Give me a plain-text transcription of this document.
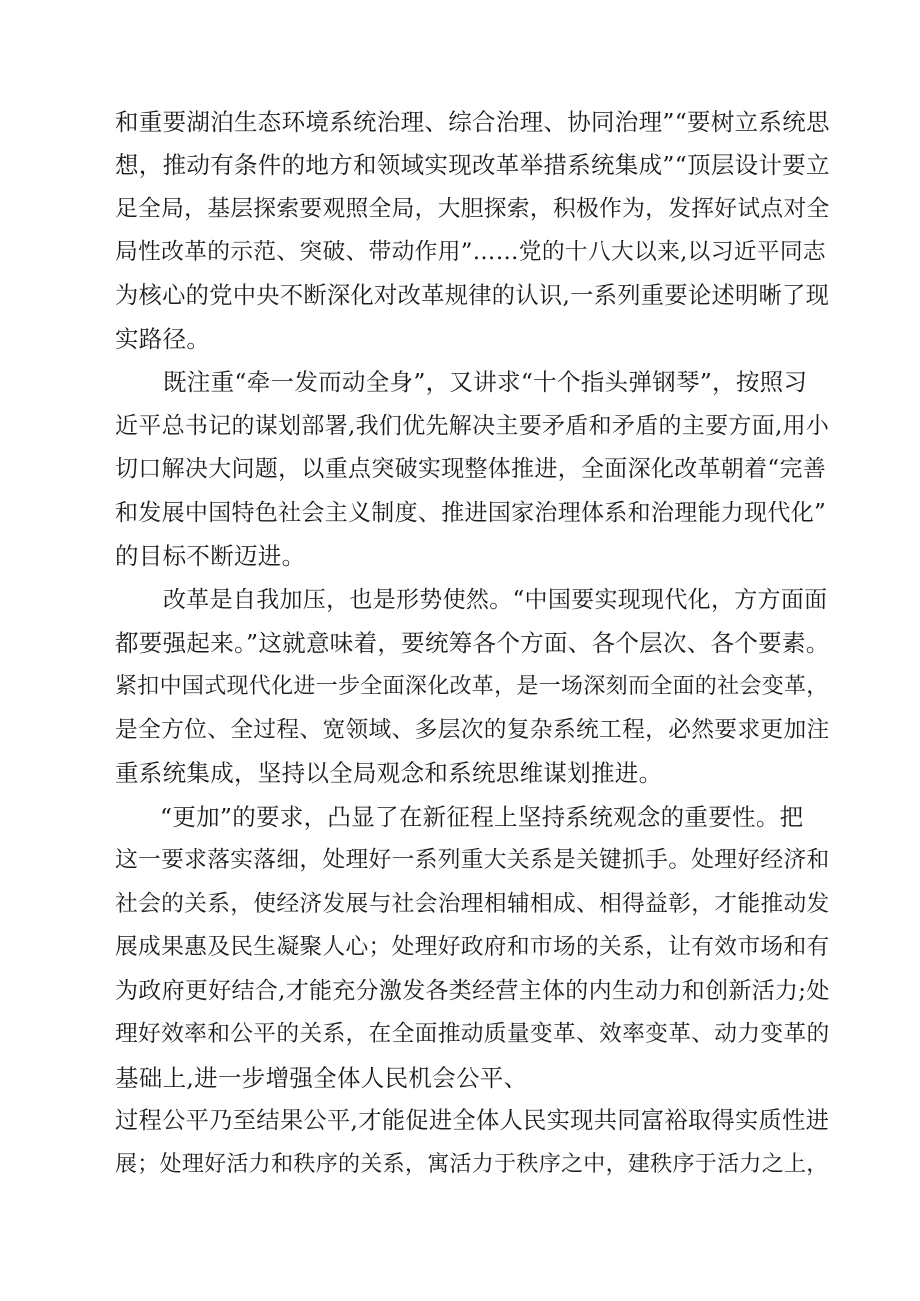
和重要湖泊生态环境系统治理、综合治理、协同治理”“要树立系统思
想，推动有条件的地方和领域实现改革举措系统集成”“顶层设计要立
足全局，基层探索要观照全局，大胆探索，积极作为，发挥好试点对全
局性改革的示范、突破、带动作用”……党的十八大以来,以习近平同志
为核心的党中央不断深化对改革规律的认识,一系列重要论述明晰了现
实路径。
既注重“牵一发而动全身”，又讲求“十个指头弹钢琴”，按照习
近平总书记的谋划部署,我们优先解决主要矛盾和矛盾的主要方面,用小
切口解决大问题，以重点突破实现整体推进，全面深化改革朝着“完善
和发展中国特色社会主义制度、推进国家治理体系和治理能力现代化”
的目标不断迈进。
改革是自我加压，也是形势使然。“中国要实现现代化，方方面面
都要强起来。”这就意味着，要统筹各个方面、各个层次、各个要素。
紧扣中国式现代化进一步全面深化改革，是一场深刻而全面的社会变革，
是全方位、全过程、宽领域、多层次的复杂系统工程，必然要求更加注
重系统集成，坚持以全局观念和系统思维谋划推进。
“更加”的要求，凸显了在新征程上坚持系统观念的重要性。把
这一要求落实落细，处理好一系列重大关系是关键抓手。处理好经济和
社会的关系，使经济发展与社会治理相辅相成、相得益彰，才能推动发
展成果惠及民生凝聚人心；处理好政府和市场的关系，让有效市场和有
为政府更好结合,才能充分激发各类经营主体的内生动力和创新活力;处
理好效率和公平的关系，在全面推动质量变革、效率变革、动力变革的
基础上,进一步增强全体人民机会公平、
过程公平乃至结果公平,才能促进全体人民实现共同富裕取得实质性进
展；处理好活力和秩序的关系，寓活力于秩序之中，建秩序于活力之上，
